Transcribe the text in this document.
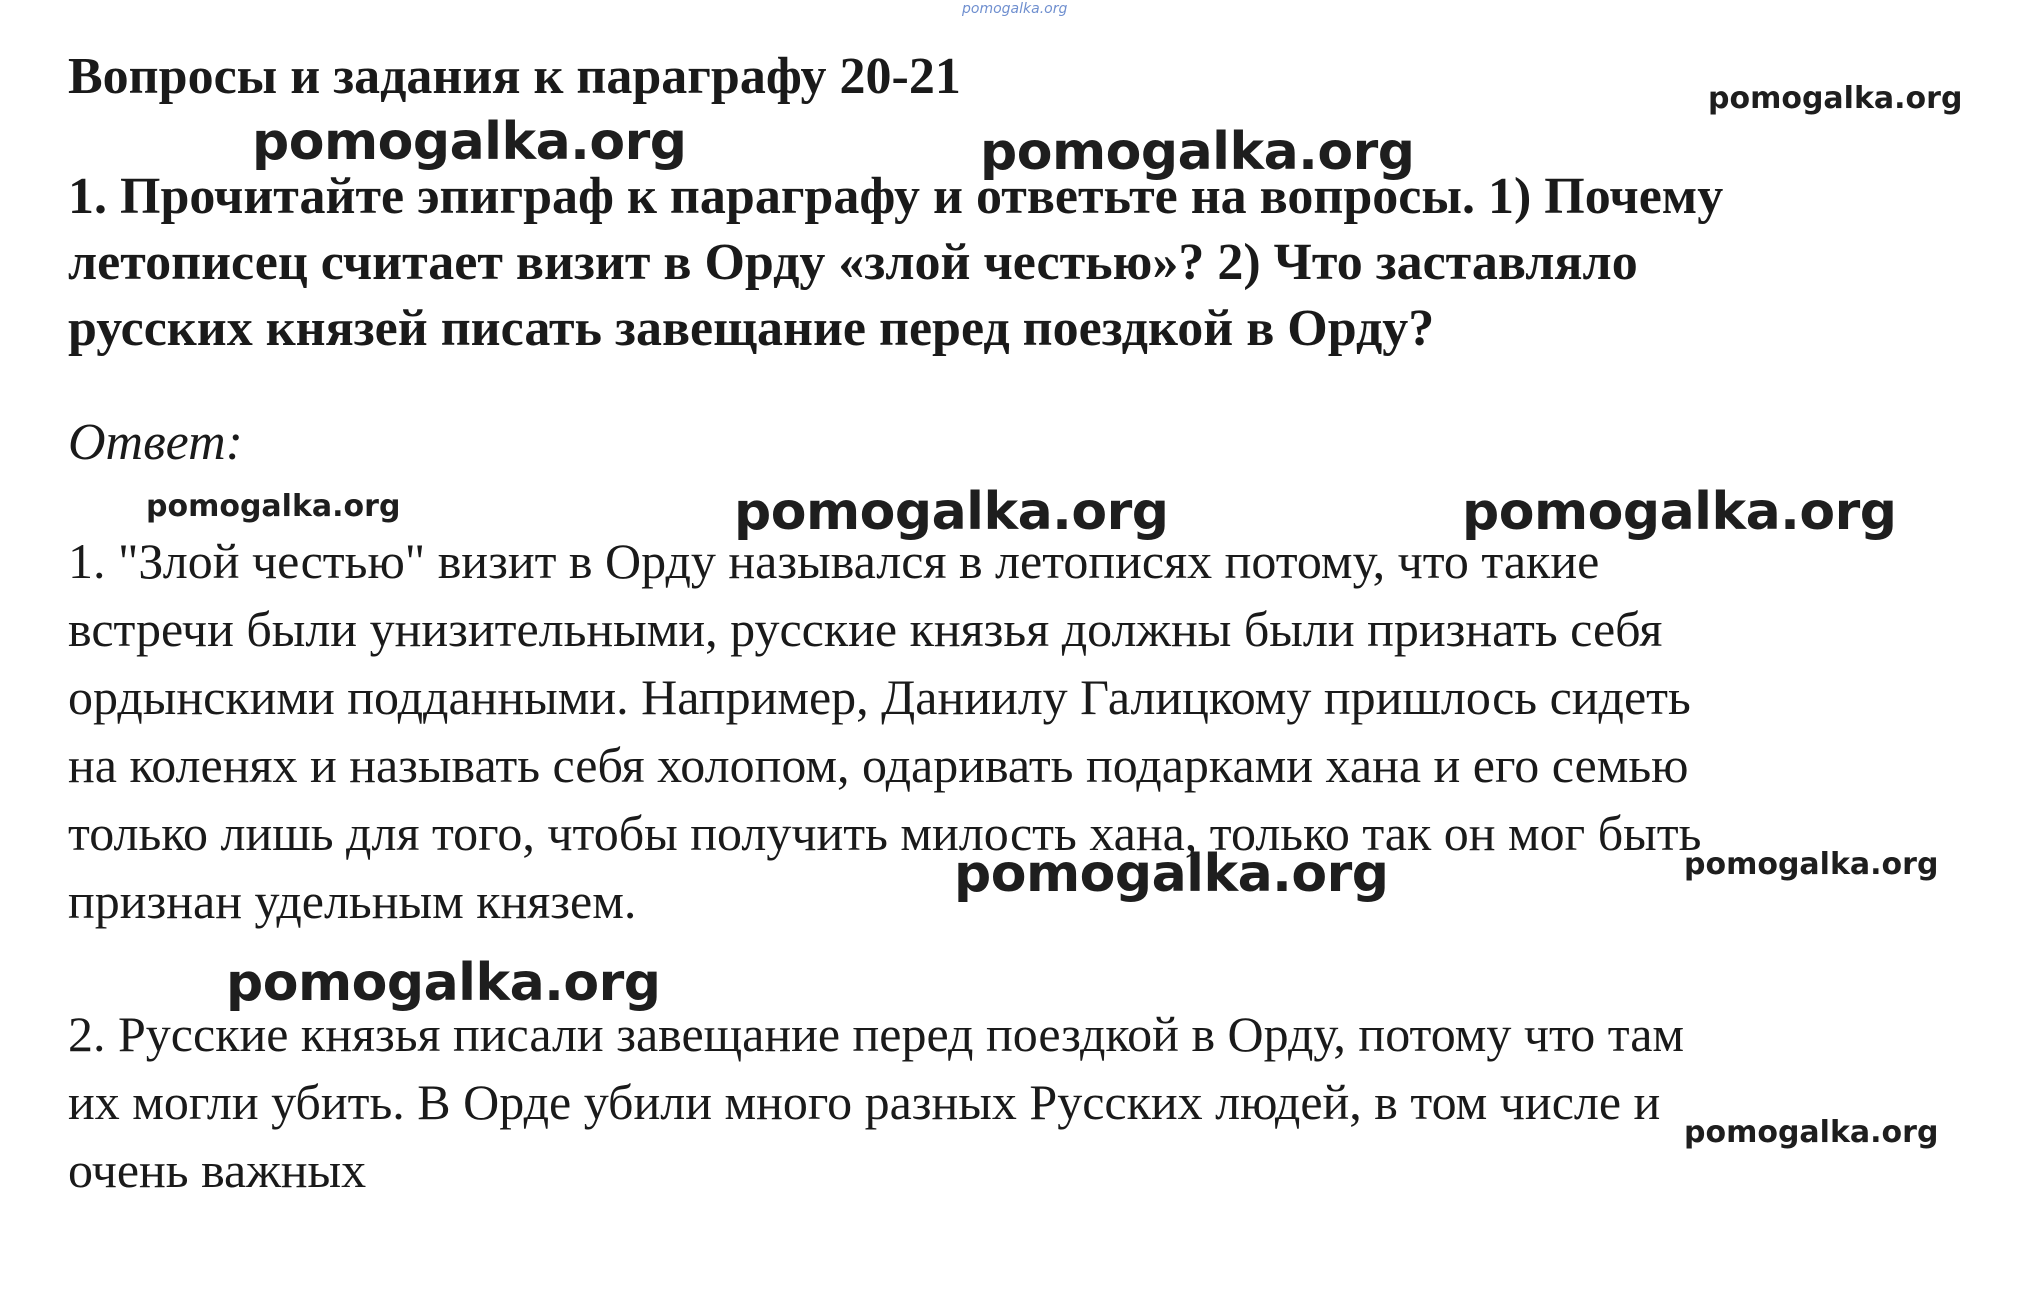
Вопросы и задания к параграфу 20-21
1. Прочитайте эпиграф к параграфу и ответьте на вопросы. 1) Почему
летописец считает визит в Орду «злой честью»? 2) Что заставляло
русских князей писать завещание перед поездкой в Орду?
Ответ:
1. "Злой честью" визит в Орду назывался в летописях потому, что такие
встречи были унизительными, русские князья должны были признать себя
ордынскими подданными. Например, Даниилу Галицкому пришлось сидеть
на коленях и называть себя холопом, одаривать подарками хана и его семью
только лишь для того, чтобы получить милость хана, только так он мог быть
признан удельным князем.
2. Русские князья писали завещание перед поездкой в Орду, потому что там
их могли убить. В Орде убили много разных Русских людей, в том числе и
очень важных
pomogalka.org
pomogalka.org
pomogalka.org	pomogalka.org
pomogalka.org	pomogalka.org	pomogalka.org
pomogalka.org	pomogalka.org
pomogalka.org
pomogalka.org
